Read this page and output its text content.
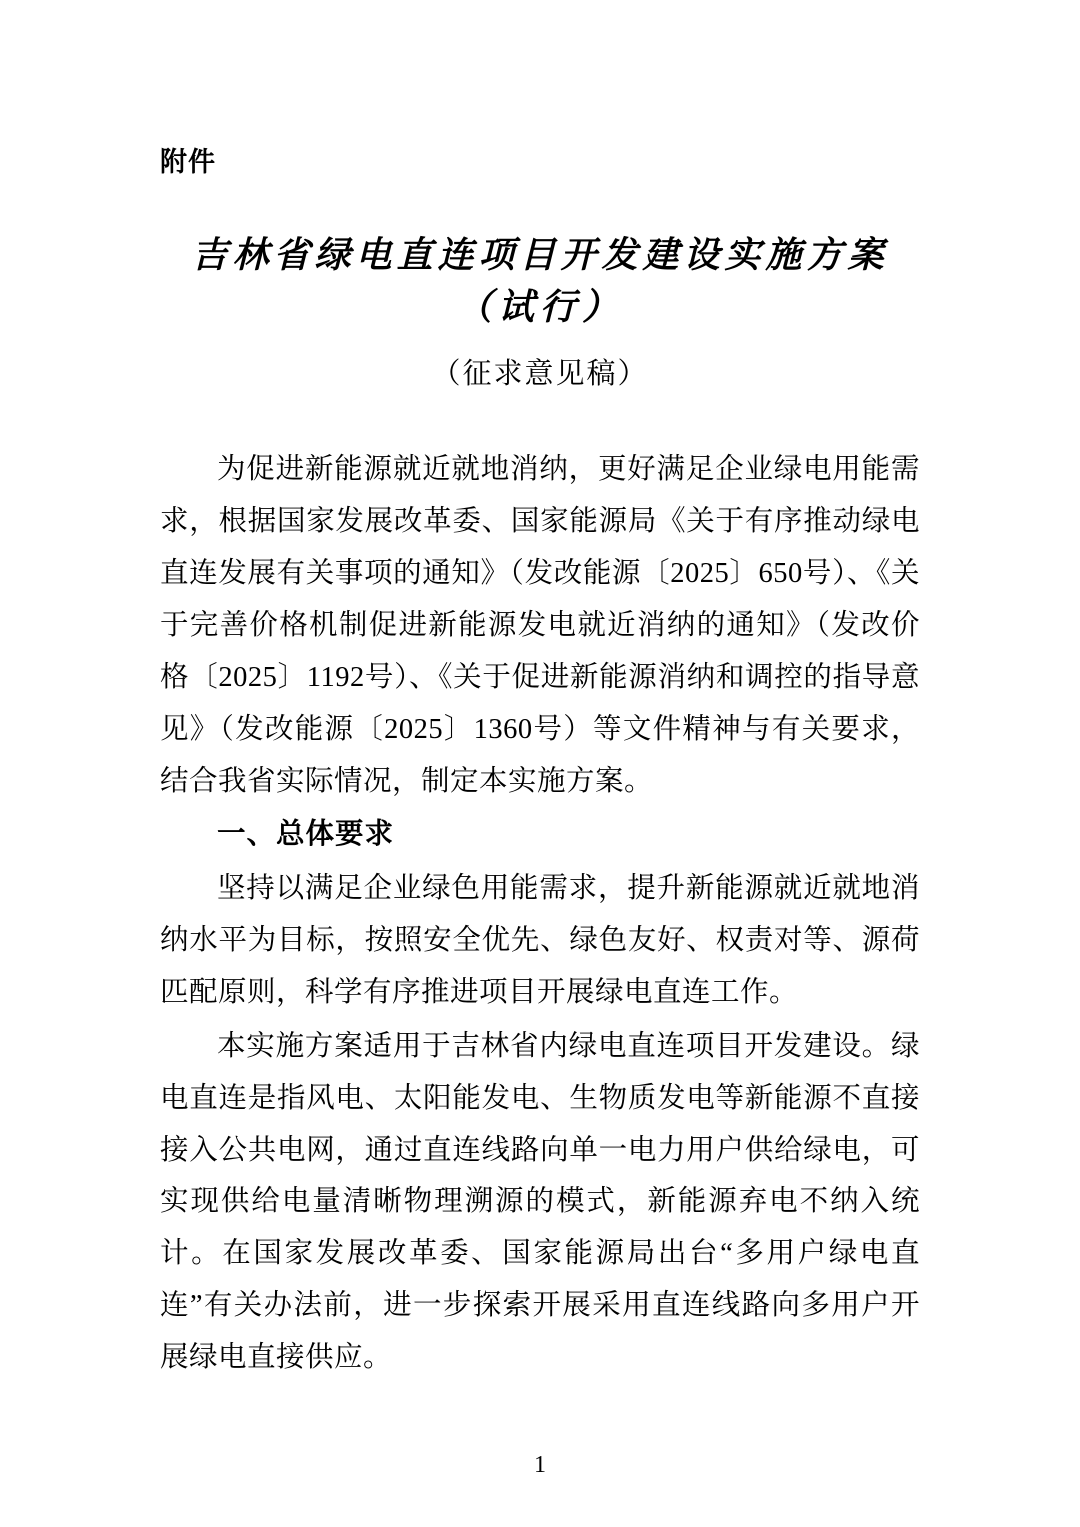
附件
吉林省绿电直连项目开发建设实施方案
（试行）
（征求意见稿）

为促进新能源就近就地消纳，更好满足企业绿电用能需求，根据国家发展改革委、国家能源局《关于有序推动绿电直连发展有关事项的通知》（发改能源〔2025〕650号）、《关于完善价格机制促进新能源发电就近消纳的通知》（发改价格〔2025〕1192号）、《关于促进新能源消纳和调控的指导意见》（发改能源〔2025〕1360号）等文件精神与有关要求，结合我省实际情况，制定本实施方案。

一、总体要求

坚持以满足企业绿色用能需求，提升新能源就近就地消纳水平为目标，按照安全优先、绿色友好、权责对等、源荷匹配原则，科学有序推进项目开展绿电直连工作。

本实施方案适用于吉林省内绿电直连项目开发建设。绿电直连是指风电、太阳能发电、生物质发电等新能源不直接接入公共电网，通过直连线路向单一电力用户供给绿电，可实现供给电量清晰物理溯源的模式，新能源弃电不纳入统计。在国家发展改革委、国家能源局出台“多用户绿电直连”有关办法前，进一步探索开展采用直连线路向多用户开展绿电直接供应。

1
